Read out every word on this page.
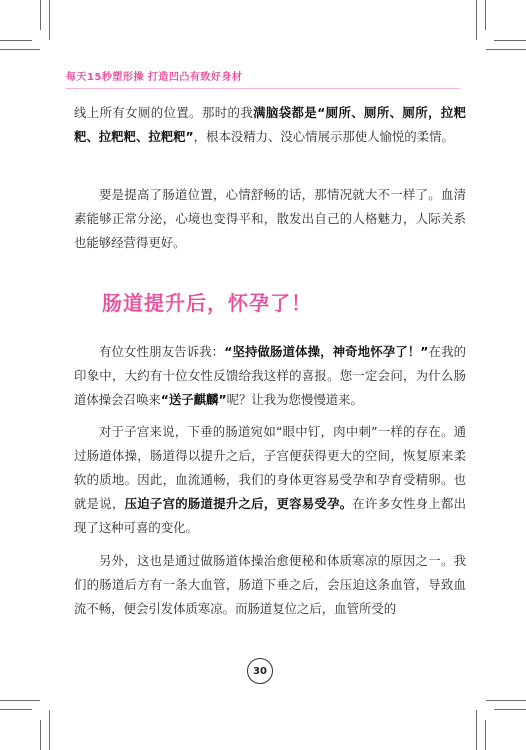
每天15秒塑形操 打造凹凸有致好身材

线上所有女厕的位置。那时的我满脑袋都是“厕所、厕所、厕所，拉粑粑、拉粑粑、拉粑粑”，根本没精力、没心情展示那使人愉悦的柔情。

要是提高了肠道位置，心情舒畅的话，那情况就大不一样了。血清素能够正常分泌，心境也变得平和，散发出自己的人格魅力，人际关系也能够经营得更好。

肠道提升后，怀孕了！

有位女性朋友告诉我：“坚持做肠道体操，神奇地怀孕了！”在我的印象中，大约有十位女性反馈给我这样的喜报。您一定会问，为什么肠道体操会召唤来“送子麒麟”呢？让我为您慢慢道来。

对于子宫来说，下垂的肠道宛如“眼中钉，肉中刺”一样的存在。通过肠道体操，肠道得以提升之后，子宫便获得更大的空间，恢复原来柔软的质地。因此，血流通畅，我们的身体更容易受孕和孕育受精卵。也就是说，压迫子宫的肠道提升之后，更容易受孕。在许多女性身上都出现了这种可喜的变化。

另外，这也是通过做肠道体操治愈便秘和体质寒凉的原因之一。我们的肠道后方有一条大血管，肠道下垂之后，会压迫这条血管，导致血流不畅，便会引发体质寒凉。而肠道复位之后，血管所受的

30
